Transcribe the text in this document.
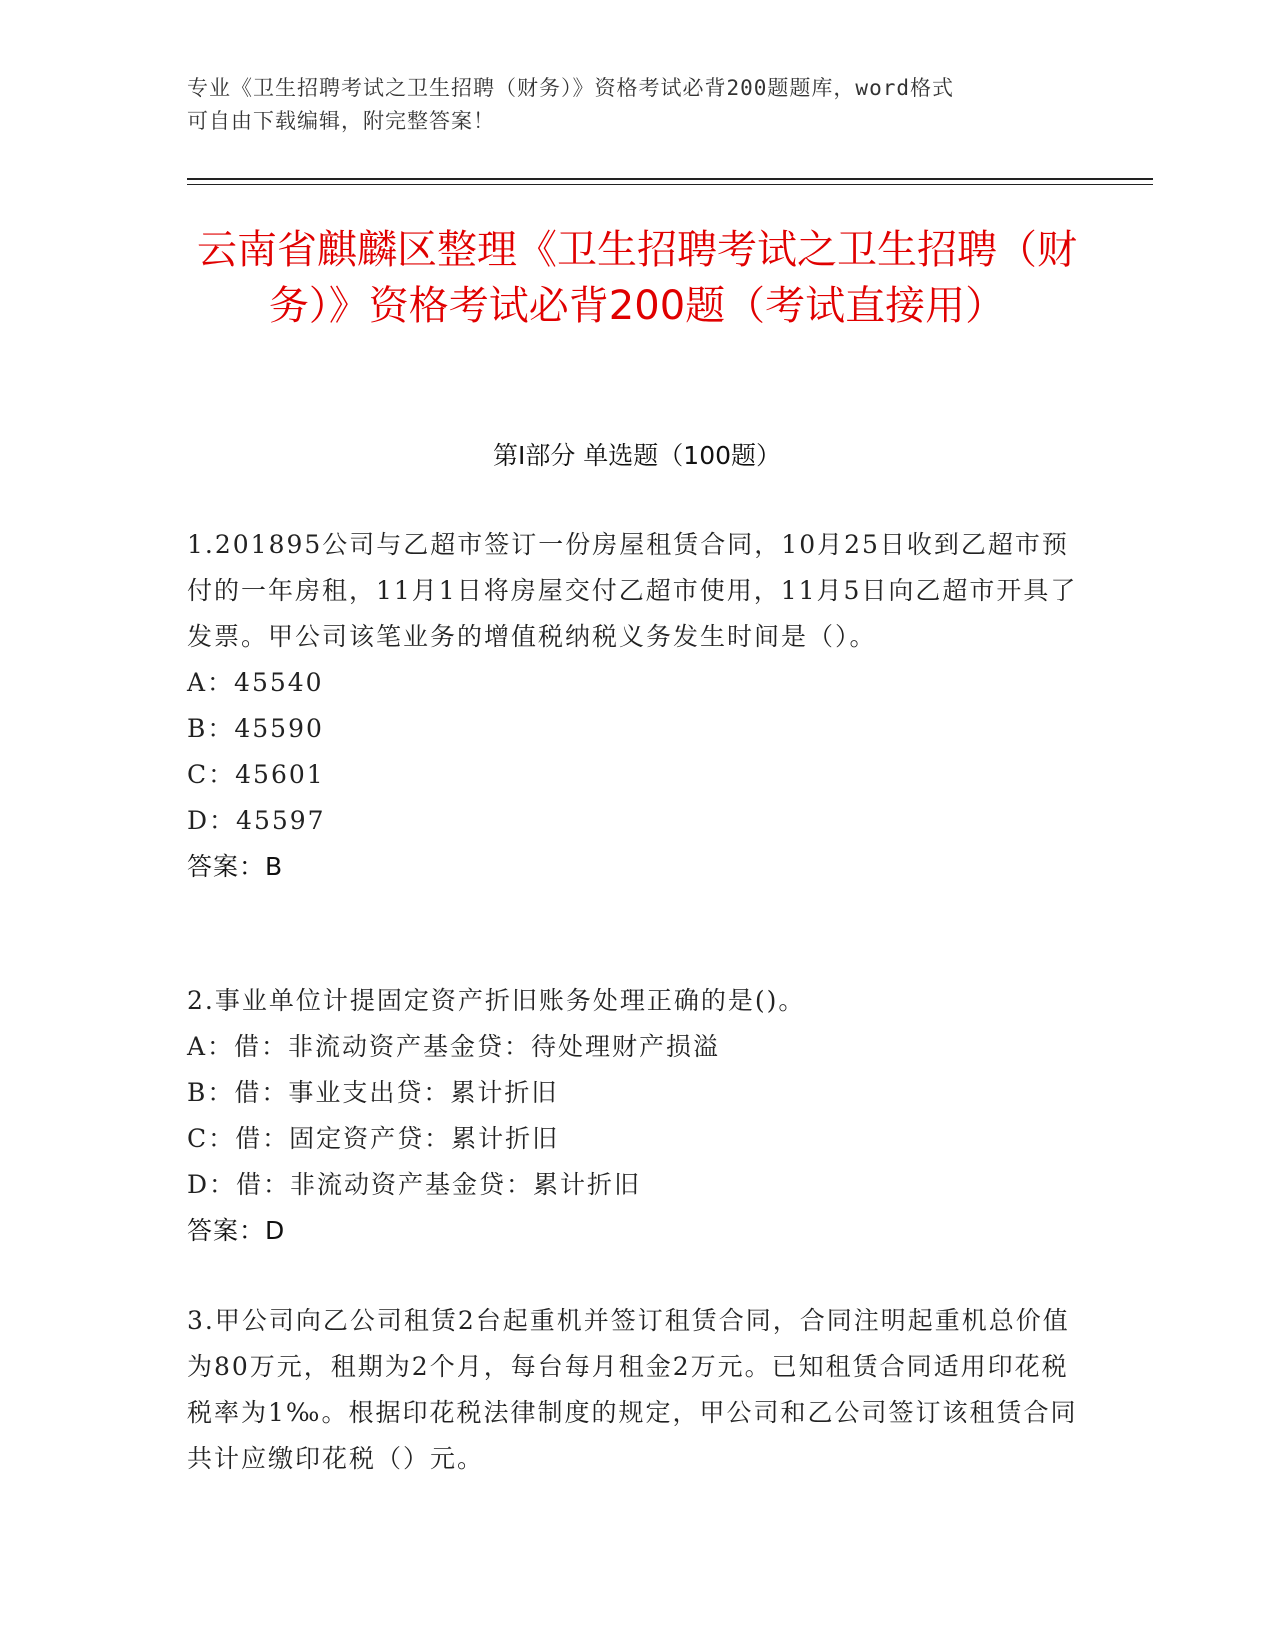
专业《卫生招聘考试之卫生招聘（财务）》资格考试必背200题题库，word格式
可自由下载编辑，附完整答案！
云南省麒麟区整理《卫生招聘考试之卫生招聘（财务）》资格考试必背200题（考试直接用）
第I部分 单选题（100题）

1.201895公司与乙超市签订一份房屋租赁合同，10月25日收到乙超市预付的一年房租，11月1日将房屋交付乙超市使用，11月5日向乙超市开具了发票。甲公司该笔业务的增值税纳税义务发生时间是（）。

A：45540

B：45590

C：45601

D：45597

答案：B

2.事业单位计提固定资产折旧账务处理正确的是()。

A：借：非流动资产基金贷：待处理财产损溢

B：借：事业支出贷：累计折旧

C：借：固定资产贷：累计折旧

D：借：非流动资产基金贷：累计折旧

答案：D

3.甲公司向乙公司租赁2台起重机并签订租赁合同，合同注明起重机总价值为80万元，租期为2个月，每台每月租金2万元。已知租赁合同适用印花税税率为1‰。根据印花税法律制度的规定，甲公司和乙公司签订该租赁合同共计应缴印花税（）元。
